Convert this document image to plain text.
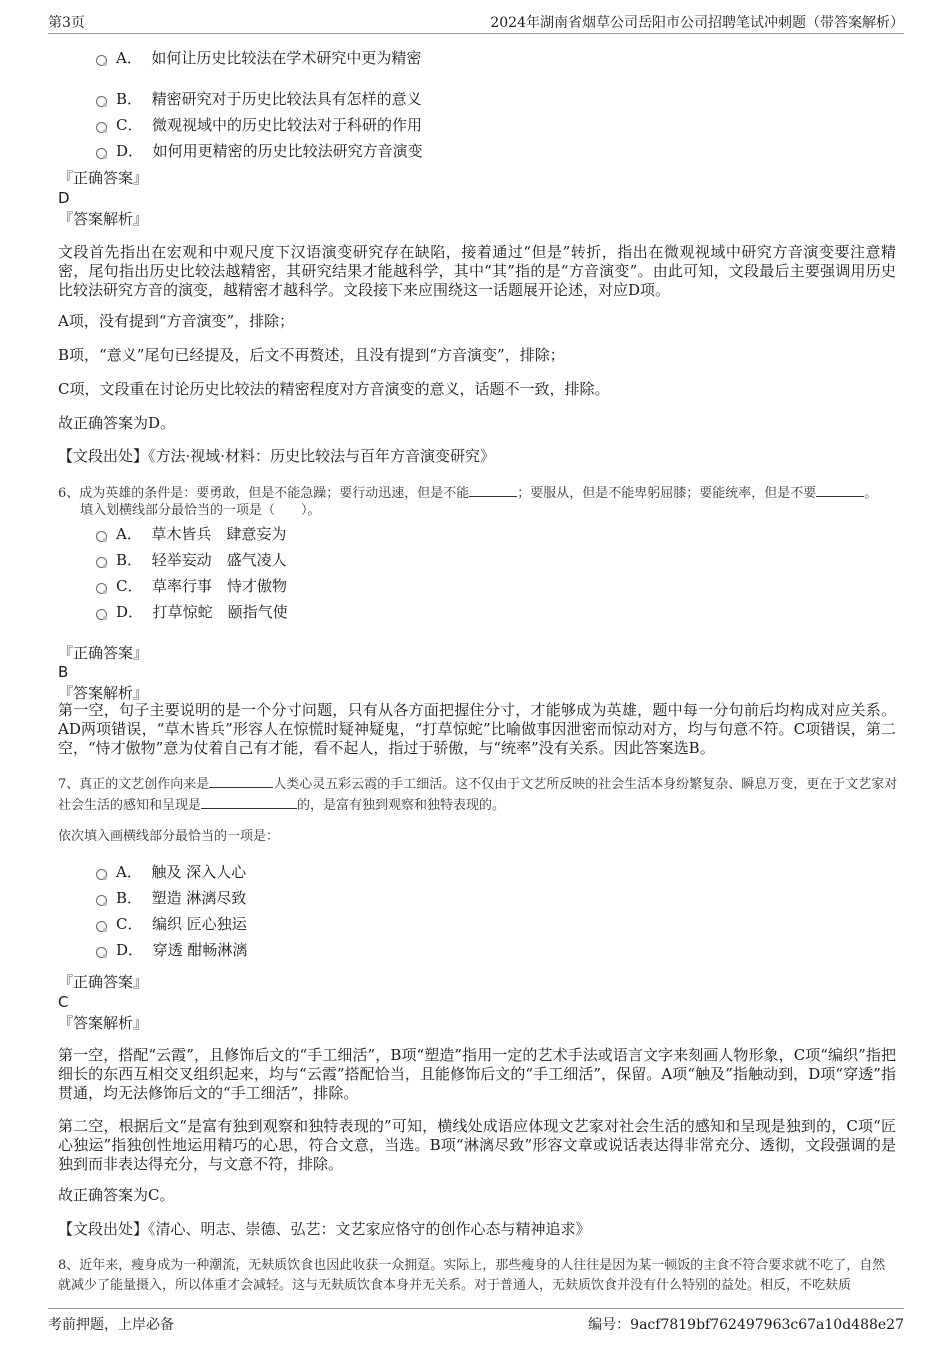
第3页	2024年湖南省烟草公司岳阳市公司招聘笔试冲刺题（带答案解析）
A． 如何让历史比较法在学术研究中更为精密
B． 精密研究对于历史比较法具有怎样的意义
C． 微观视域中的历史比较法对于科研的作用
D． 如何用更精密的历史比较法研究方音演变
『正确答案』
D
『答案解析』
文段首先指出在宏观和中观尺度下汉语演变研究存在缺陷，接着通过“但是”转折，指出在微观视域中研究方音演变要注意精密，尾句指出历史比较法越精密，其研究结果才能越科学，其中“其”指的是“方音演变”。由此可知，文段最后主要强调用历史比较法研究方音的演变，越精密才越科学。文段接下来应围绕这一话题展开论述，对应D项。
A项，没有提到“方音演变”，排除；
B项，“意义”尾句已经提及，后文不再赘述，且没有提到“方音演变”，排除；
C项，文段重在讨论历史比较法的精密程度对方音演变的意义，话题不一致，排除。
故正确答案为D。
【文段出处】《方法·视域·材料：历史比较法与百年方音演变研究》
6、成为英雄的条件是：要勇敢，但是不能急躁；要行动迅速，但是不能	；要服从，但是不能卑躬屈膝；要能统率，但是不要	。
填入划横线部分最恰当的一项是（　　）。
A． 草木皆兵　肆意妄为
B． 轻举妄动　盛气凌人
C． 草率行事　恃才傲物
D． 打草惊蛇　颐指气使
『正确答案』
B
『答案解析』
第一空，句子主要说明的是一个分寸问题，只有从各方面把握住分寸，才能够成为英雄，题中每一分句前后均构成对应关系。AD两项错误，“草木皆兵”形容人在惊慌时疑神疑鬼，“打草惊蛇”比喻做事因泄密而惊动对方，均与句意不符。C项错误，第二空，“恃才傲物”意为仗着自己有才能，看不起人，指过于骄傲，与“统率”没有关系。因此答案选B。
7、真正的文艺创作向来是	人类心灵五彩云霞的手工细活。这不仅由于文艺所反映的社会生活本身纷繁复杂、瞬息万变，更在于文艺家对社会生活的感知和呈现是	的，是富有独到观察和独特表现的。
依次填入画横线部分最恰当的一项是：
A． 触及 深入人心
B． 塑造 淋漓尽致
C． 编织 匠心独运
D． 穿透 酣畅淋漓
『正确答案』
C
『答案解析』
第一空，搭配“云霞”，且修饰后文的“手工细活”，B项“塑造”指用一定的艺术手法或语言文字来刻画人物形象，C项“编织”指把细长的东西互相交叉组织起来，均与“云霞”搭配恰当，且能修饰后文的“手工细活”，保留。A项“触及”指触动到，D项“穿透”指贯通，均无法修饰后文的“手工细活”，排除。
第二空，根据后文“是富有独到观察和独特表现的”可知，横线处成语应体现文艺家对社会生活的感知和呈现是独到的，C项“匠心独运”指独创性地运用精巧的心思，符合文意，当选。B项“淋漓尽致”形容文章或说话表达得非常充分、透彻，文段强调的是独到而非表达得充分，与文意不符，排除。
故正确答案为C。
【文段出处】《清心、明志、崇德、弘艺：文艺家应恪守的创作心态与精神追求》
8、近年来，瘦身成为一种潮流，无麸质饮食也因此收获一众拥趸。实际上，那些瘦身的人往往是因为某一顿饭的主食不符合要求就不吃了，自然就减少了能量摄入，所以体重才会减轻。这与无麸质饮食本身并无关系。对于普通人，无麸质饮食并没有什么特别的益处。相反，不吃麸质
考前押题，上岸必备	编号：9acf7819bf762497963c67a10d488e27
